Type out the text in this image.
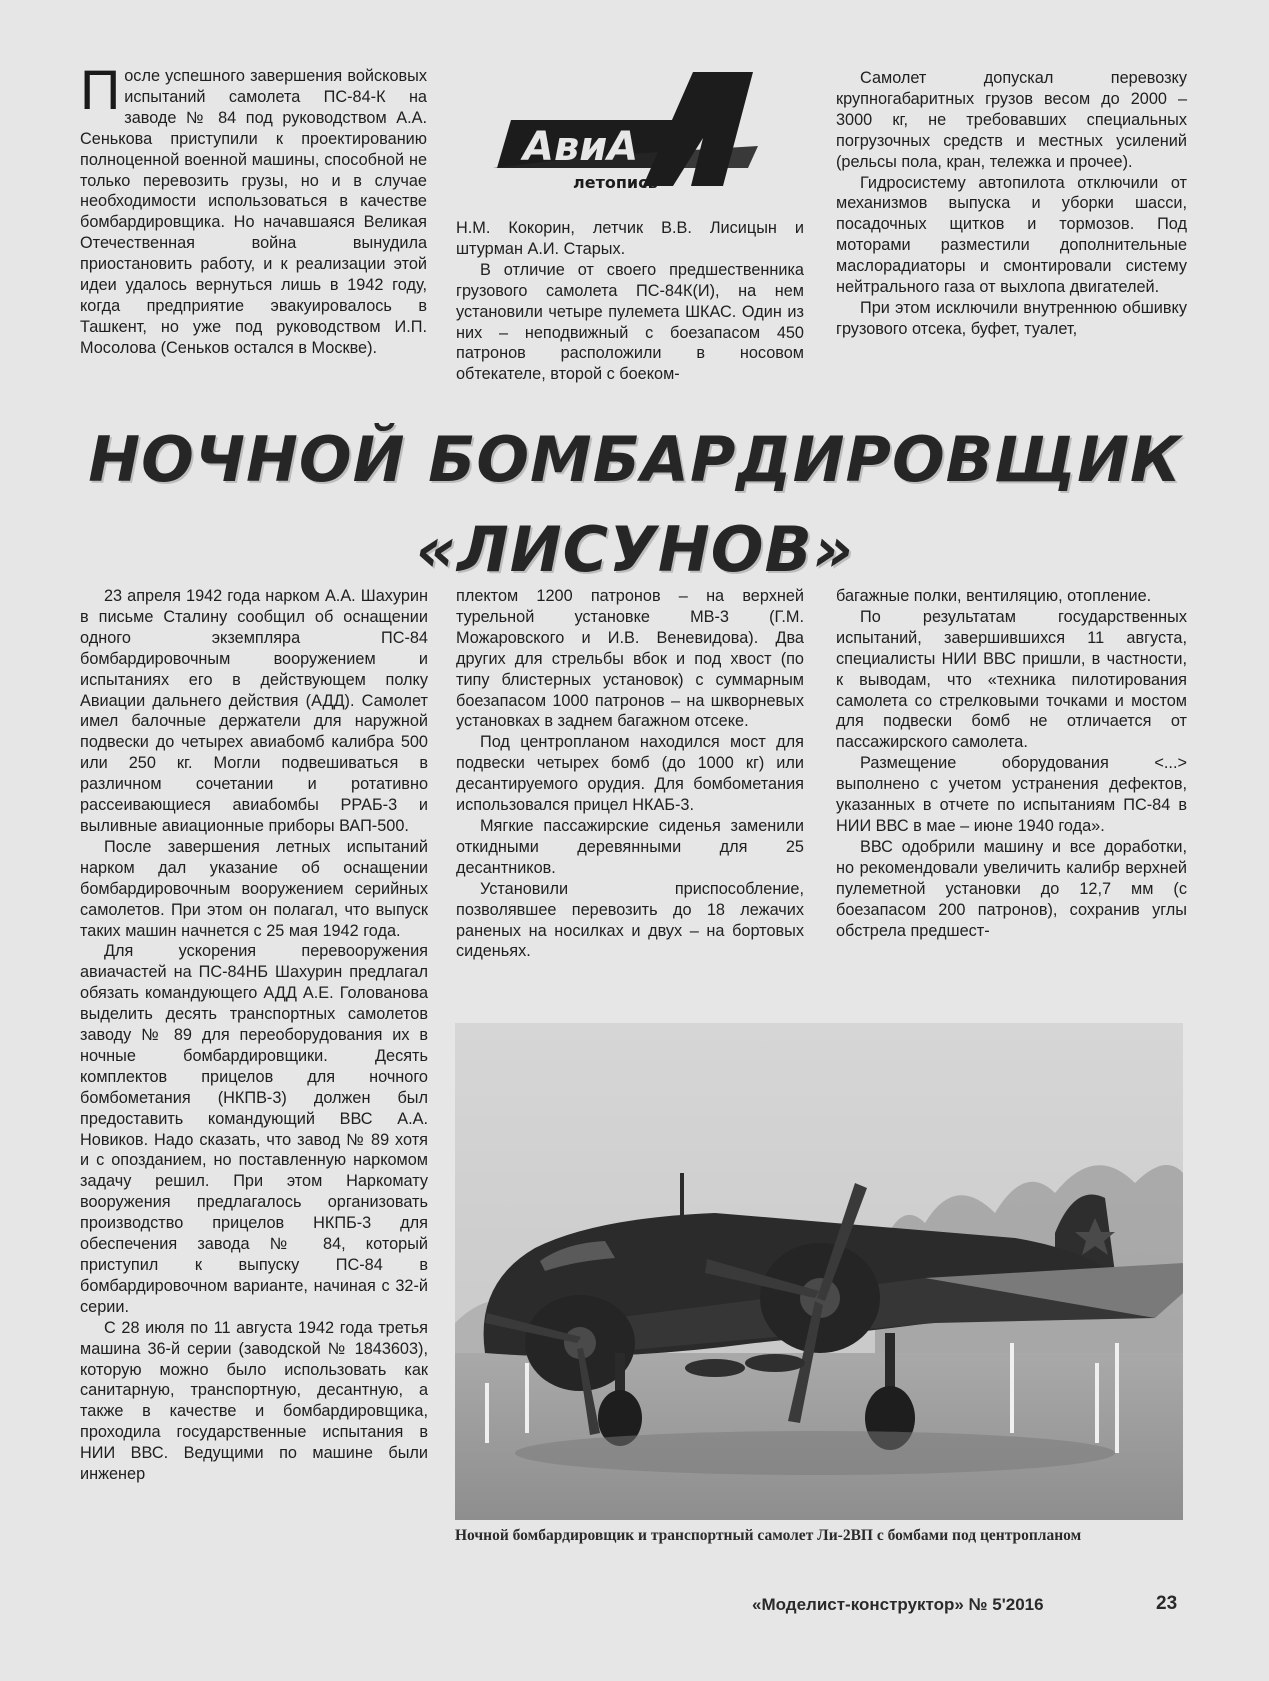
После успешного завершения войсковых испытаний самолета ПС-84-К на заводе № 84 под руководством А.А. Сенькова приступили к проектированию полноценной военной машины, способной не только перевозить грузы, но и в случае необходимости использоваться в качестве бомбардировщика. Но начавшаяся Великая Отечественная война вынудила приостановить работу, и к реализации этой идеи удалось вернуться лишь в 1942 году, когда предприятие эвакуировалось в Ташкент, но уже под руководством И.П. Мосолова (Сеньков остался в Москве).

АвиА
летопись

Н.М. Кокорин, летчик В.В. Лисицын и штурман А.И. Старых.

В отличие от своего предшественника грузового самолета ПС-84К(И), на нем установили четыре пулемета ШКАС. Один из них – неподвижный с боезапасом 450 патронов расположили в носовом обтекателе, второй с боеком-

Самолет допускал перевозку крупногабаритных грузов весом до 2000 – 3000 кг, не требовавших специальных погрузочных средств и местных усилений (рельсы пола, кран, тележка и прочее).

Гидросистему автопилота отключили от механизмов выпуска и уборки шасси, посадочных щитков и тормозов. Под моторами разместили дополнительные маслорадиаторы и смонтировали систему нейтрального газа от выхлопа двигателей.

При этом исключили внутреннюю обшивку грузового отсека, буфет, туалет,

НОЧНОЙ БОМБАРДИРОВЩИК
«ЛИСУНОВ»

23 апреля 1942 года нарком А.А. Шахурин в письме Сталину сообщил об оснащении одного экземпляра ПС-84 бомбардировочным вооружением и испытаниях его в действующем полку Авиации дальнего действия (АДД). Самолет имел балочные держатели для наружной подвески до четырех авиабомб калибра 500 или 250 кг. Могли подвешиваться в различном сочетании и ротативно рассеивающиеся авиабомбы РРАБ-3 и выливные авиационные приборы ВАП-500.

После завершения летных испытаний нарком дал указание об оснащении бомбардировочным вооружением серийных самолетов. При этом он полагал, что выпуск таких машин начнется с 25 мая 1942 года.

Для ускорения перевооружения авиачастей на ПС-84НБ Шахурин предлагал обязать командующего АДД А.Е. Голованова выделить десять транспортных самолетов заводу № 89 для переоборудования их в ночные бомбардировщики. Десять комплектов прицелов для ночного бомбометания (НКПВ-3) должен был предоставить командующий ВВС А.А. Новиков. Надо сказать, что завод № 89 хотя и с опозданием, но поставленную наркомом задачу решил. При этом Наркомату вооружения предлагалось организовать производство прицелов НКПБ-3 для обеспечения завода № 84, который приступил к выпуску ПС-84 в бомбардировочном варианте, начиная с 32-й серии.

С 28 июля по 11 августа 1942 года третья машина 36-й серии (заводской № 1843603), которую можно было использовать как санитарную, транспортную, десантную, а также в качестве и бомбардировщика, проходила государственные испытания в НИИ ВВС. Ведущими по машине были инженер

плектом 1200 патронов – на верхней турельной установке МВ-3 (Г.М. Можаровского и И.В. Веневидова). Два других для стрельбы вбок и под хвост (по типу блистерных установок) с суммарным боезапасом 1000 патронов – на шкворневых установках в заднем багажном отсеке.

Под центропланом находился мост для подвески четырех бомб (до 1000 кг) или десантируемого орудия. Для бомбометания использовался прицел НКАБ-3.

Мягкие пассажирские сиденья заменили откидными деревянными для 25 десантников.

Установили приспособление, позволявшее перевозить до 18 лежачих раненых на носилках и двух – на бортовых сиденьях.

багажные полки, вентиляцию, отопление.

По результатам государственных испытаний, завершившихся 11 августа, специалисты НИИ ВВС пришли, в частности, к выводам, что «техника пилотирования самолета со стрелковыми точками и мостом для подвески бомб не отличается от пассажирского самолета.

Размещение оборудования <...> выполнено с учетом устранения дефектов, указанных в отчете по испытаниям ПС-84 в НИИ ВВС в мае – июне 1940 года».

ВВС одобрили машину и все доработки, но рекомендовали увеличить калибр верхней пулеметной установки до 12,7 мм (с боезапасом 200 патронов), сохранив углы обстрела предшест-

Ночной бомбардировщик и транспортный самолет Ли-2ВП с бомбами под центропланом
«Моделист-конструктор» № 5'2016	23
